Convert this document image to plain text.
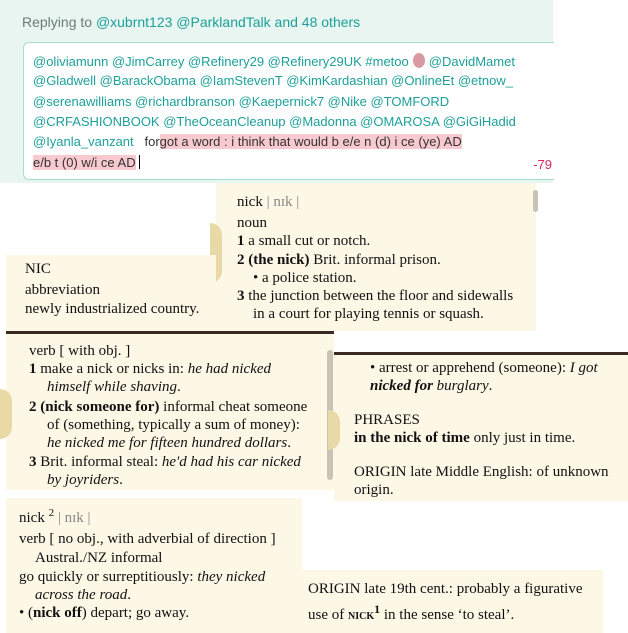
Replying to @xubrnt123 @ParklandTalk and 48 others
@oliviamunn @JimCarrey @Refinery29 @Refinery29UK #metoo @DavidMamet
@Gladwell @BarackObama @IamStevenT @KimKardashian @OnlineEt @etnow_
@serenawilliams @richardbranson @Kaepernick7 @Nike @TOMFORD
@CRFASHIONBOOK @TheOceanCleanup @Madonna @OMAROSA @GiGiHadid
@Iyanla_vanzant forgot a word : i think that would b e/e n (d) i ce (ye) AD
e/b t (0) w/i ce AD	-79
nick | nɪk |
noun
1 a small cut or notch.
2 (the nick) Brit. informal prison.
• a police station.
3 the junction between the floor and sidewalls
in a court for playing tennis or squash.
NIC
abbreviation
newly industrialized country.
verb [ with obj. ]
1 make a nick or nicks in: he had nicked
himself while shaving.
2 (nick someone for) informal cheat someone
of (something, typically a sum of money):
he nicked me for fifteen hundred dollars.
3 Brit. informal steal: he'd had his car nicked
by joyriders.
• arrest or apprehend (someone): I got
nicked for burglary.
PHRASES
in the nick of time only just in time.
ORIGIN late Middle English: of unknown
origin.
nick $^2$ | nɪk |
verb [ no obj., with adverbial of direction ]
Austral./NZ informal
go quickly or surreptitiously: they nicked
across the road.
• (nick off) depart; go away.
ORIGIN late 19th cent.: probably a figurative
use of nick$^1$ in the sense ‘to steal’.
